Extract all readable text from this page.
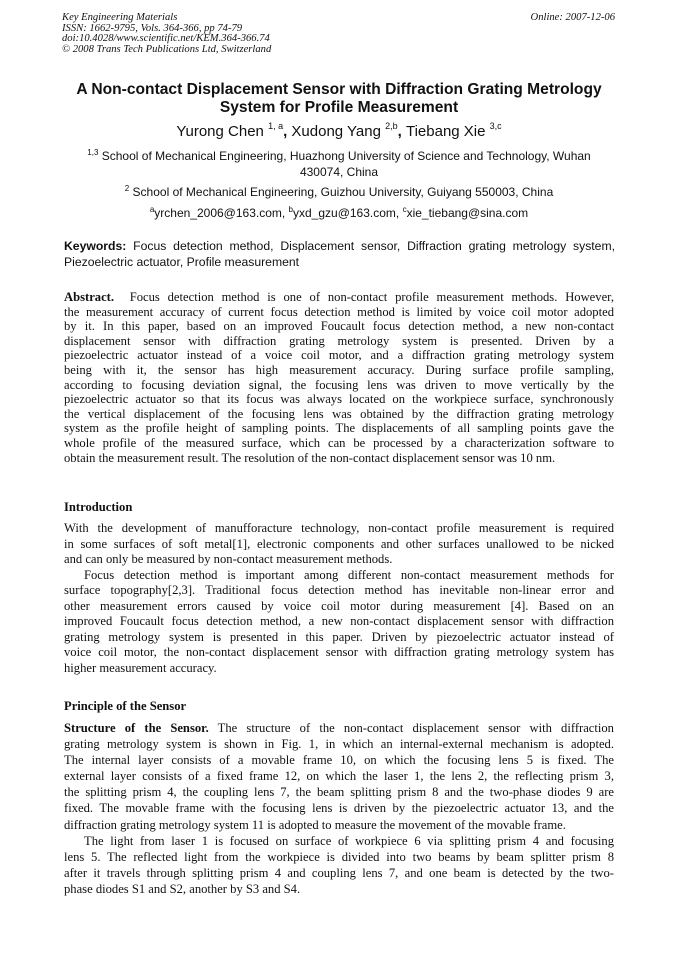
Key Engineering Materials
ISSN: 1662-9795, Vols. 364-366, pp 74-79
doi:10.4028/www.scientific.net/KEM.364-366.74
© 2008 Trans Tech Publications Ltd, Switzerland
Online: 2007-12-06
A Non-contact Displacement Sensor with Diffraction Grating Metrology
System for Profile Measurement
Yurong Chen $^{1, a}$, Xudong Yang $^{2,b}$, Tiebang Xie $^{3,c}$
$^{1,3}$ School of Mechanical Engineering, Huazhong University of Science and Technology, Wuhan
430074, China
$^2$ School of Mechanical Engineering, Guizhou University, Guiyang 550003, China
$^a$yrchen_2006@163.com, $^b$yxd_gzu@163.com, $^c$xie_tiebang@sina.com
Keywords: Focus detection method, Displacement sensor, Diffraction grating metrology system,
Piezoelectric actuator, Profile measurement
Abstract. Focus detection method is one of non-contact profile measurement methods. However,
the measurement accuracy of current focus detection method is limited by voice coil motor adopted
by it. In this paper, based on an improved Foucault focus detection method, a new non-contact
displacement sensor with diffraction grating metrology system is presented. Driven by a
piezoelectric actuator instead of a voice coil motor, and a diffraction grating metrology system
being with it, the sensor has high measurement accuracy. During surface profile sampling,
according to focusing deviation signal, the focusing lens was driven to move vertically by the
piezoelectric actuator so that its focus was always located on the workpiece surface, synchronously
the vertical displacement of the focusing lens was obtained by the diffraction grating metrology
system as the profile height of sampling points. The displacements of all sampling points gave the
whole profile of the measured surface, which can be processed by a characterization software to
obtain the measurement result. The resolution of the non-contact displacement sensor was 10 nm.
Introduction
With the development of manufforacture technology, non-contact profile measurement is required
in some surfaces of soft metal[1], electronic components and other surfaces unallowed to be nicked
and can only be measured by non-contact measurement methods.
Focus detection method is important among different non-contact measurement methods for
surface topography[2,3]. Traditional focus detection method has inevitable non-linear error and
other measurement errors caused by voice coil motor during measurement [4]. Based on an
improved Foucault focus detection method, a new non-contact displacement sensor with diffraction
grating metrology system is presented in this paper. Driven by piezoelectric actuator instead of
voice coil motor, the non-contact displacement sensor with diffraction grating metrology system has
higher measurement accuracy.
Principle of the Sensor
Structure of the Sensor. The structure of the non-contact displacement sensor with diffraction
grating metrology system is shown in Fig. 1, in which an internal-external mechanism is adopted.
The internal layer consists of a movable frame 10, on which the focusing lens 5 is fixed. The
external layer consists of a fixed frame 12, on which the laser 1, the lens 2, the reflecting prism 3,
the splitting prism 4, the coupling lens 7, the beam splitting prism 8 and the two-phase diodes 9 are
fixed. The movable frame with the focusing lens is driven by the piezoelectric actuator 13, and the
diffraction grating metrology system 11 is adopted to measure the movement of the movable frame.
The light from laser 1 is focused on surface of workpiece 6 via splitting prism 4 and focusing
lens 5. The reflected light from the workpiece is divided into two beams by beam splitter prism 8
after it travels through splitting prism 4 and coupling lens 7, and one beam is detected by the two-
phase diodes S1 and S2, another by S3 and S4.
